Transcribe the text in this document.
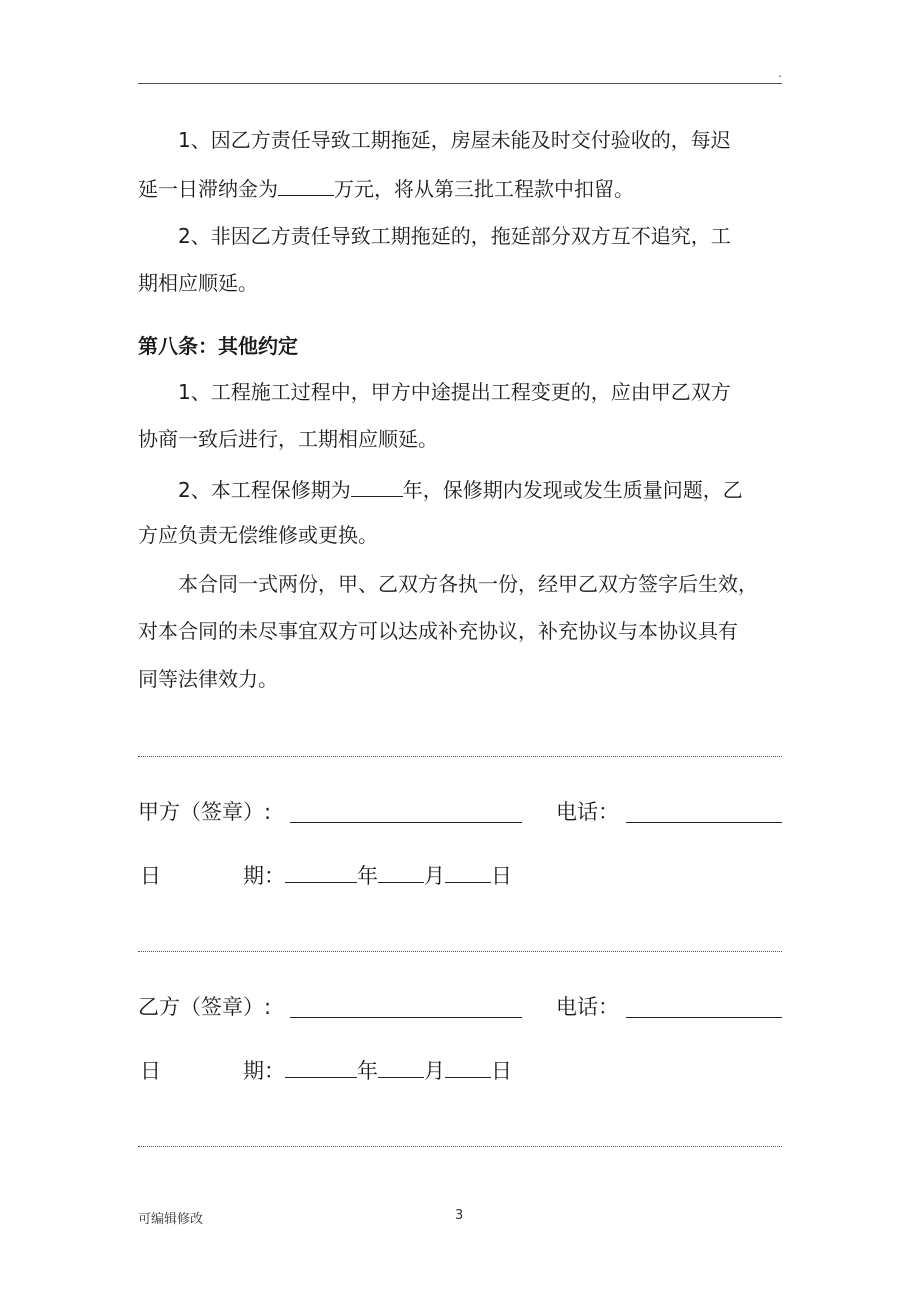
.
1、因乙方责任导致工期拖延，房屋未能及时交付验收的，每迟
延一日滞纳金为	万元，将从第三批工程款中扣留。
2、非因乙方责任导致工期拖延的，拖延部分双方互不追究，工
期相应顺延。
第八条：其他约定
1、工程施工过程中，甲方中途提出工程变更的，应由甲乙双方
协商一致后进行，工期相应顺延。
2、本工程保修期为	年，保修期内发现或发生质量问题，乙
方应负责无偿维修或更换。
本合同一式两份，甲、乙双方各执一份，经甲乙双方签字后生效，
对本合同的未尽事宜双方可以达成补充协议，补充协议与本协议具有
同等法律效力。
甲方（签章）:	电话：
日	期：	年 月 日
乙方（签章）:	电话：
日	期：	年 月 日
可编辑修改	3
